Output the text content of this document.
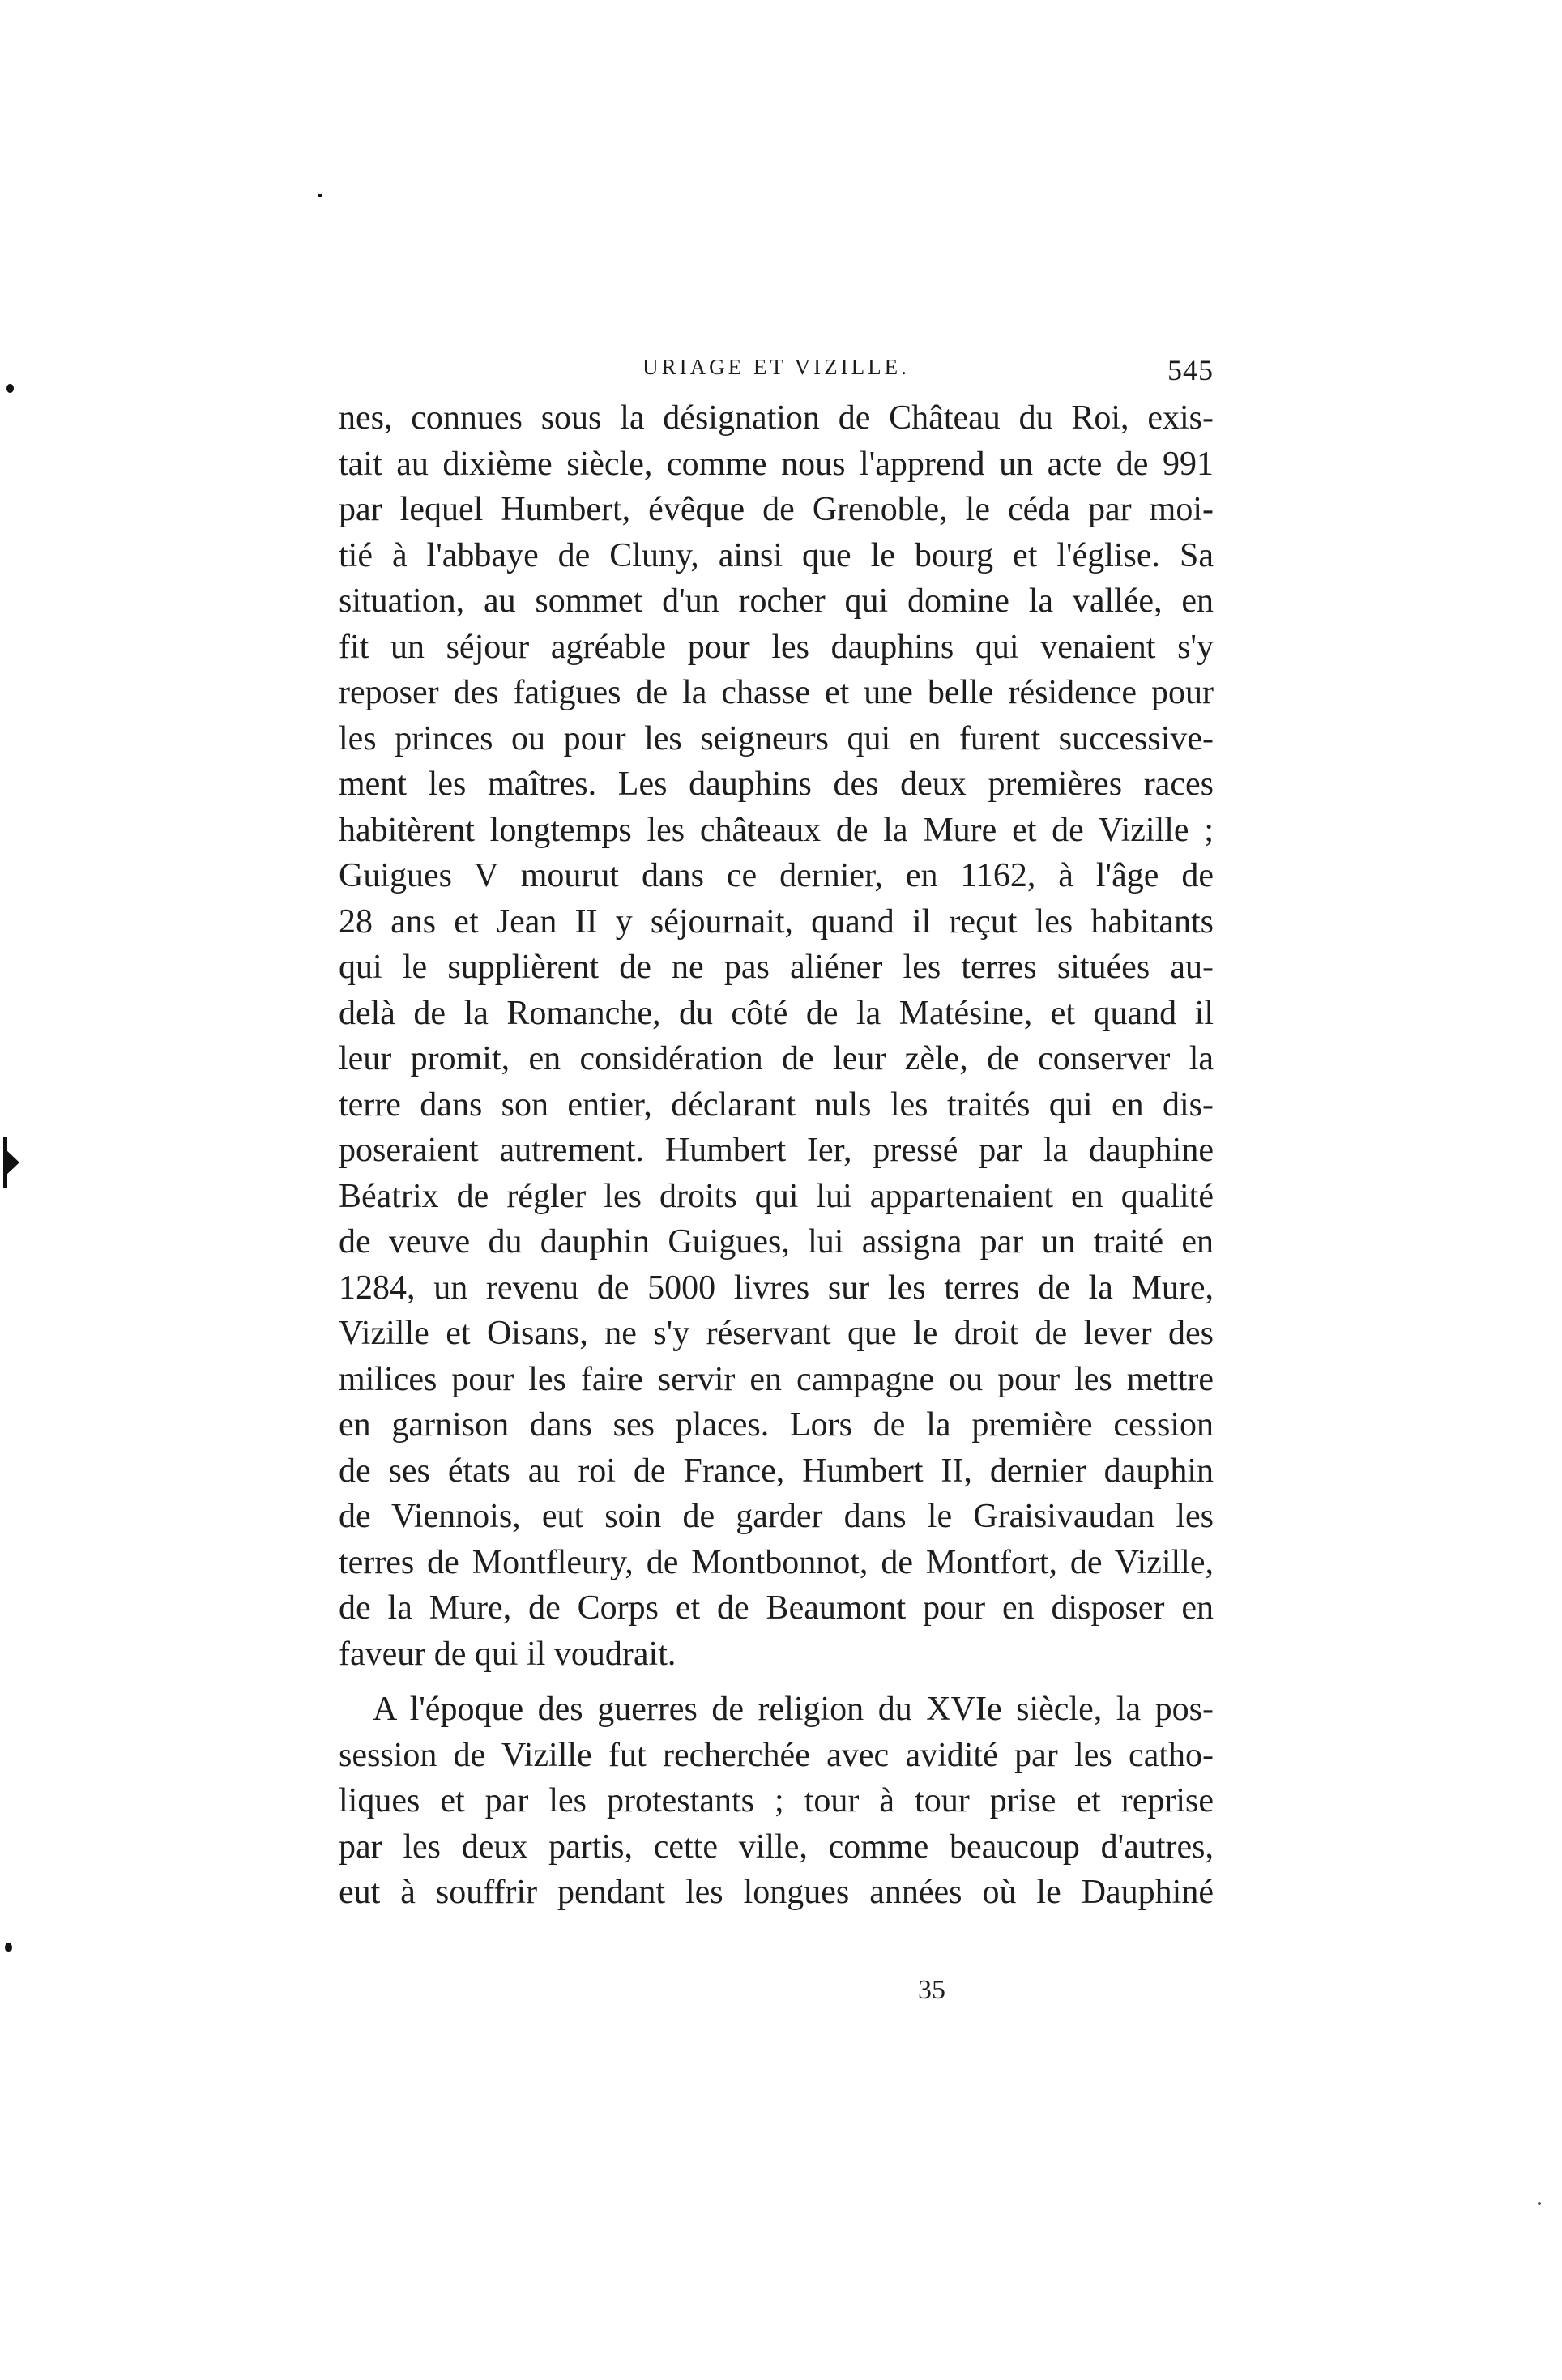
URIAGE ET VIZILLE.	545
nes, connues sous la désignation de Château du Roi, exis-
tait au dixième siècle, comme nous l'apprend un acte de 991
par lequel Humbert, évêque de Grenoble, le céda par moi-
tié à l'abbaye de Cluny, ainsi que le bourg et l'église. Sa
situation, au sommet d'un rocher qui domine la vallée, en
fit un séjour agréable pour les dauphins qui venaient s'y
reposer des fatigues de la chasse et une belle résidence pour
les princes ou pour les seigneurs qui en furent successive-
ment les maîtres. Les dauphins des deux premières races
habitèrent longtemps les châteaux de la Mure et de Vizille ;
Guigues V mourut dans ce dernier, en 1162, à l'âge de
28 ans et Jean II y séjournait, quand il reçut les habitants
qui le supplièrent de ne pas aliéner les terres situées au-
delà de la Romanche, du côté de la Matésine, et quand il
leur promit, en considération de leur zèle, de conserver la
terre dans son entier, déclarant nuls les traités qui en dis-
poseraient autrement. Humbert Ier, pressé par la dauphine
Béatrix de régler les droits qui lui appartenaient en qualité
de veuve du dauphin Guigues, lui assigna par un traité en
1284, un revenu de 5000 livres sur les terres de la Mure,
Vizille et Oisans, ne s'y réservant que le droit de lever des
milices pour les faire servir en campagne ou pour les mettre
en garnison dans ses places. Lors de la première cession
de ses états au roi de France, Humbert II, dernier dauphin
de Viennois, eut soin de garder dans le Graisivaudan les
terres de Montfleury, de Montbonnot, de Montfort, de Vizille,
de la Mure, de Corps et de Beaumont pour en disposer en
faveur de qui il voudrait.
A l'époque des guerres de religion du XVIe siècle, la pos-
session de Vizille fut recherchée avec avidité par les catho-
liques et par les protestants ; tour à tour prise et reprise
par les deux partis, cette ville, comme beaucoup d'autres,
eut à souffrir pendant les longues années où le Dauphiné
35
